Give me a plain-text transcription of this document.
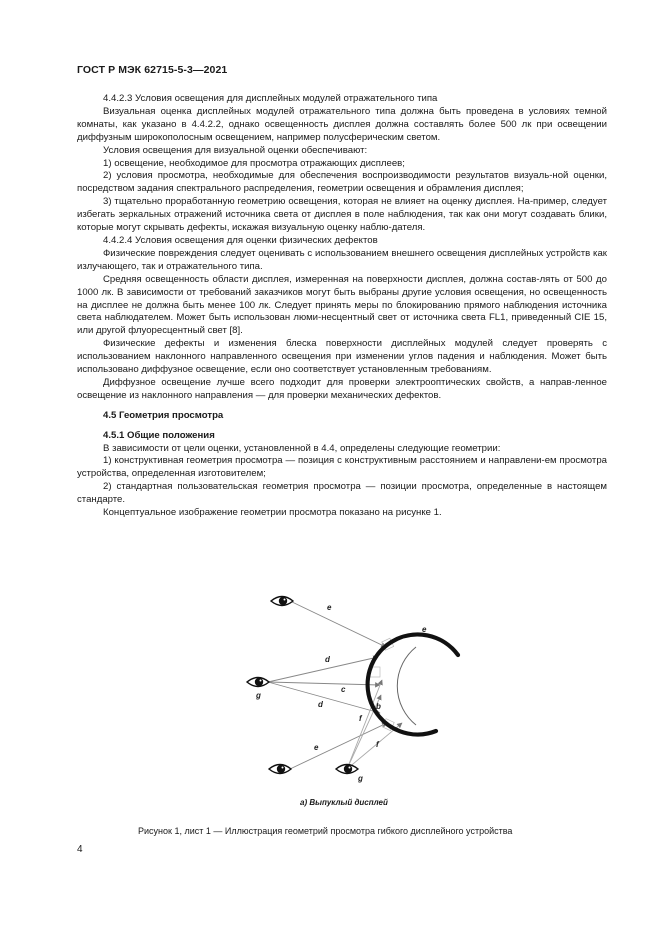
ГОСТ Р МЭК 62715-5-3—2021

4.4.2.3 Условия освещения для дисплейных модулей отражательного типа

Визуальная оценка дисплейных модулей отражательного типа должна быть проведена в условиях темной комнаты, как указано в 4.4.2.2, однако освещенность дисплея должна составлять более 500 лк при освещении диффузным широкополосным освещением, например полусферическим светом.

Условия освещения для визуальной оценки обеспечивают:

1) освещение, необходимое для просмотра отражающих дисплеев;

2) условия просмотра, необходимые для обеспечения воспроизводимости результатов визуаль-ной оценки, посредством задания спектрального распределения, геометрии освещения и обрамления дисплея;

3) тщательно проработанную геометрию освещения, которая не влияет на оценку дисплея. На-пример, следует избегать зеркальных отражений источника света от дисплея в поле наблюдения, так как они могут создавать блики, которые могут скрывать дефекты, искажая визуальную оценку наблю-дателя.

4.4.2.4 Условия освещения для оценки физических дефектов

Физические повреждения следует оценивать с использованием внешнего освещения дисплейных устройств как излучающего, так и отражательного типа.

Средняя освещенность области дисплея, измеренная на поверхности дисплея, должна состав-лять от 500 до 1000 лк. В зависимости от требований заказчиков могут быть выбраны другие условия освещения, но освещенность на дисплее не должна быть менее 100 лк. Следует принять меры по блокированию прямого наблюдения источника света наблюдателем. Может быть использован люми-несцентный свет от источника света FL1, приведенный CIE 15, или другой флуоресцентный свет [8].

Физические дефекты и изменения блеска поверхности дисплейных модулей следует проверять с использованием наклонного направленного освещения при изменении углов падения и наблюдения. Может быть использовано диффузное освещение, если оно соответствует установленным требованиям.

Диффузное освещение лучше всего подходит для проверки электрооптических свойств, а направ-ленное освещение из наклонного направления — для проверки механических дефектов.

4.5 Геометрия просмотра

4.5.1 Общие положения

В зависимости от цели оценки, установленной в 4.4, определены следующие геометрии:

1) конструктивная геометрия просмотра — позиция с конструктивным расстоянием и направлени-ем просмотра устройства, определенная изготовителем;

2) стандартная пользовательская геометрия просмотра — позиции просмотра, определенные в настоящем стандарте.

Концептуальное изображение геометрии просмотра показано на рисунке 1.

e
e
d
c
g
d	b
f
f
e
g
а) Выпуклый дисплей
Рисунок 1, лист 1 — Иллюстрация геометрий просмотра гибкого дисплейного устройства
4
